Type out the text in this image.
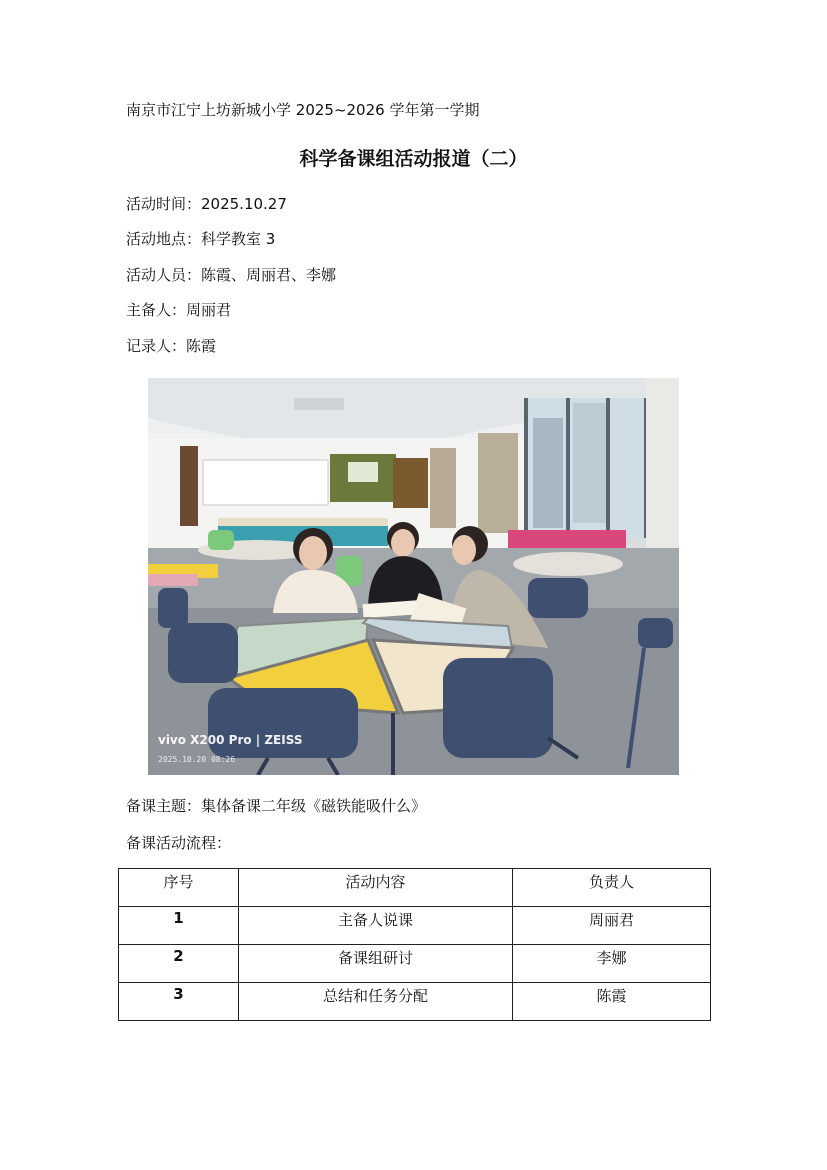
南京市江宁上坊新城小学 2025~2026 学年第一学期
科学备课组活动报道（二）
活动时间：2025.10.27
活动地点：科学教室 3
活动人员：陈霞、周丽君、李娜
主备人：周丽君
记录人：陈霞
vivo X200 Pro | ZEISS
2025.10.20 08:26
备课主题：集体备课二年级《磁铁能吸什么》
备课活动流程：
序号	活动内容	负责人
1	主备人说课	周丽君
2	备课组研讨	李娜
3	总结和任务分配	陈霞
